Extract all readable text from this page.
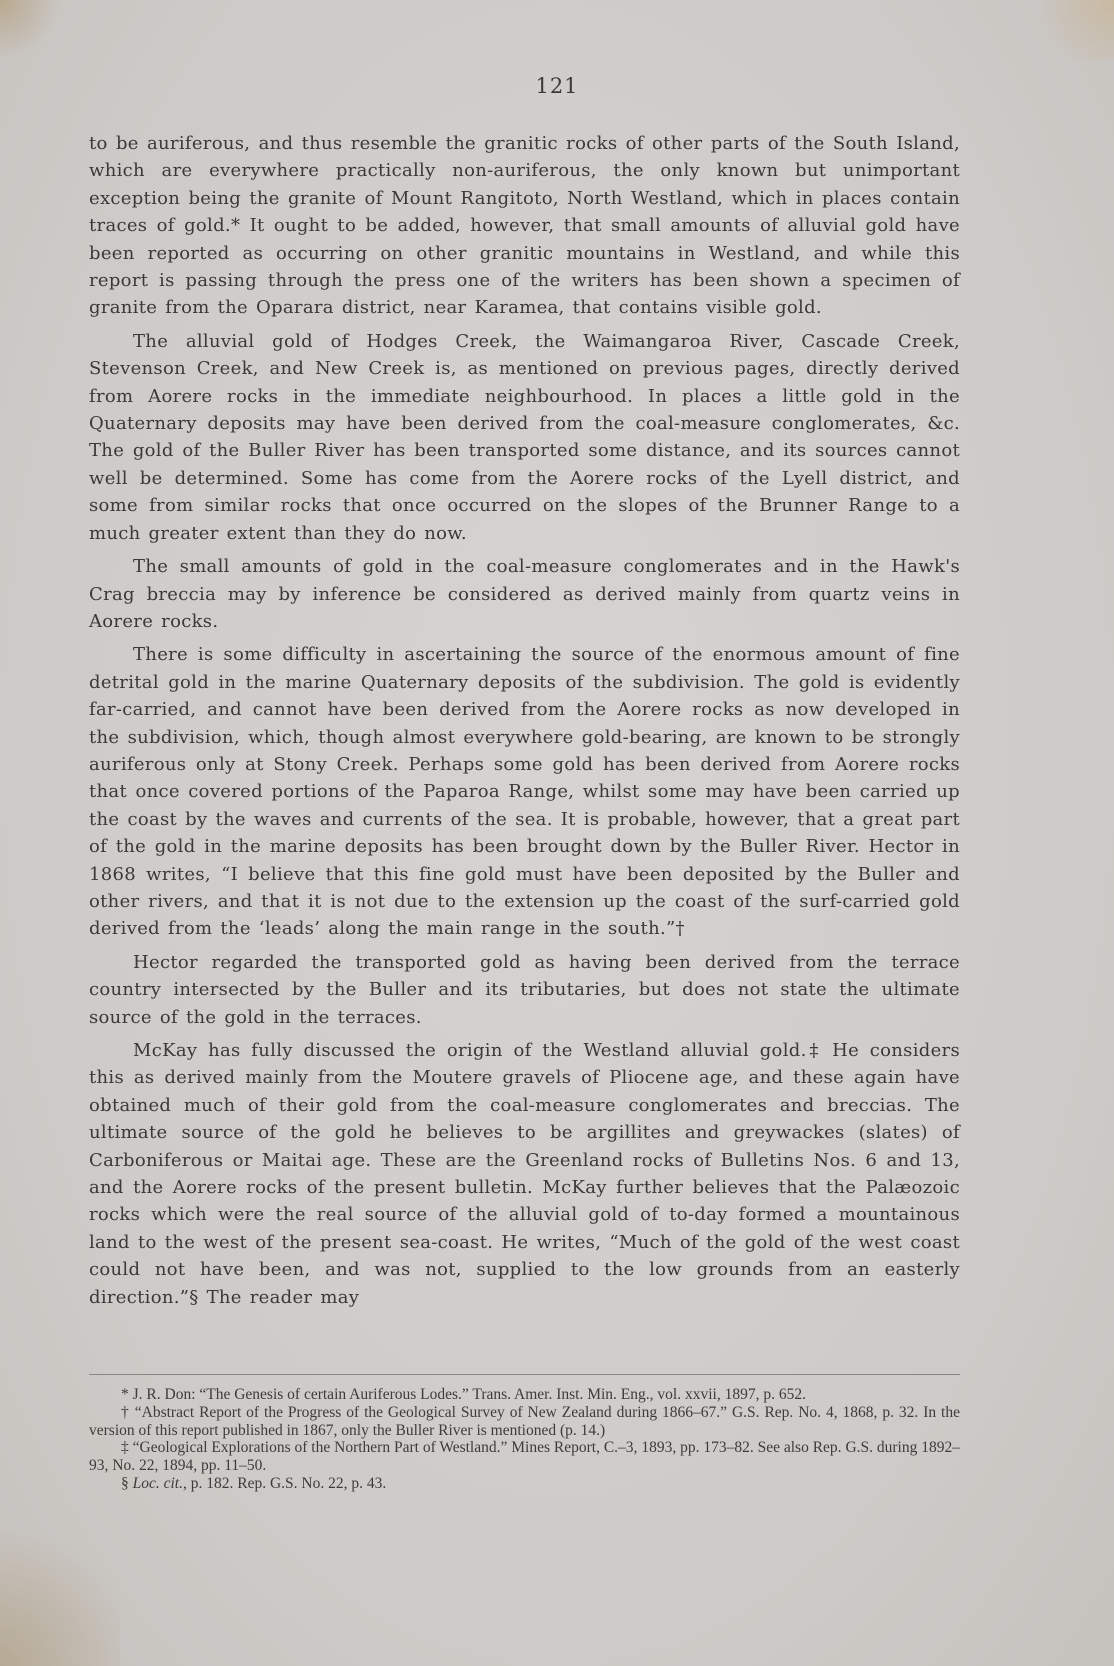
121

to be auriferous, and thus resemble the granitic rocks of other parts of the South Island, which are everywhere practically non-auriferous, the only known but unimportant exception being the granite of Mount Rangitoto, North Westland, which in places contain traces of gold.* It ought to be added, however, that small amounts of alluvial gold have been reported as occurring on other granitic mountains in Westland, and while this report is passing through the press one of the writers has been shown a specimen of granite from the Oparara district, near Karamea, that contains visible gold.

The alluvial gold of Hodges Creek, the Waimangaroa River, Cascade Creek, Stevenson Creek, and New Creek is, as mentioned on previous pages, directly derived from Aorere rocks in the immediate neighbourhood. In places a little gold in the Quaternary deposits may have been derived from the coal-measure conglomerates, &c. The gold of the Buller River has been transported some distance, and its sources cannot well be determined. Some has come from the Aorere rocks of the Lyell district, and some from similar rocks that once occurred on the slopes of the Brunner Range to a much greater extent than they do now.

The small amounts of gold in the coal-measure conglomerates and in the Hawk's Crag breccia may by inference be considered as derived mainly from quartz veins in Aorere rocks.

There is some difficulty in ascertaining the source of the enormous amount of fine detrital gold in the marine Quaternary deposits of the subdivision. The gold is evidently far-carried, and cannot have been derived from the Aorere rocks as now developed in the subdivision, which, though almost everywhere gold-bearing, are known to be strongly auriferous only at Stony Creek. Perhaps some gold has been derived from Aorere rocks that once covered portions of the Paparoa Range, whilst some may have been carried up the coast by the waves and currents of the sea. It is probable, however, that a great part of the gold in the marine deposits has been brought down by the Buller River. Hector in 1868 writes, “I believe that this fine gold must have been deposited by the Buller and other rivers, and that it is not due to the extension up the coast of the surf-carried gold derived from the ‘leads’ along the main range in the south.”†

Hector regarded the transported gold as having been derived from the terrace country intersected by the Buller and its tributaries, but does not state the ultimate source of the gold in the terraces.

McKay has fully discussed the origin of the Westland alluvial gold.‡ He considers this as derived mainly from the Moutere gravels of Pliocene age, and these again have obtained much of their gold from the coal-measure conglomerates and breccias. The ultimate source of the gold he believes to be argillites and greywackes (slates) of Carboniferous or Maitai age. These are the Greenland rocks of Bulletins Nos. 6 and 13, and the Aorere rocks of the present bulletin. McKay further believes that the Palæozoic rocks which were the real source of the alluvial gold of to-day formed a mountainous land to the west of the present sea-coast. He writes, “Much of the gold of the west coast could not have been, and was not, supplied to the low grounds from an easterly direction.”§ The reader may

* J. R. Don: “The Genesis of certain Auriferous Lodes.” Trans. Amer. Inst. Min. Eng., vol. xxvii, 1897, p. 652.

† “Abstract Report of the Progress of the Geological Survey of New Zealand during 1866–67.” G.S. Rep. No. 4, 1868, p. 32. In the version of this report published in 1867, only the Buller River is mentioned (p. 14.)

‡ “Geological Explorations of the Northern Part of Westland.” Mines Report, C.–3, 1893, pp. 173–82. See also Rep. G.S. during 1892–93, No. 22, 1894, pp. 11–50.

§ Loc. cit., p. 182. Rep. G.S. No. 22, p. 43.
